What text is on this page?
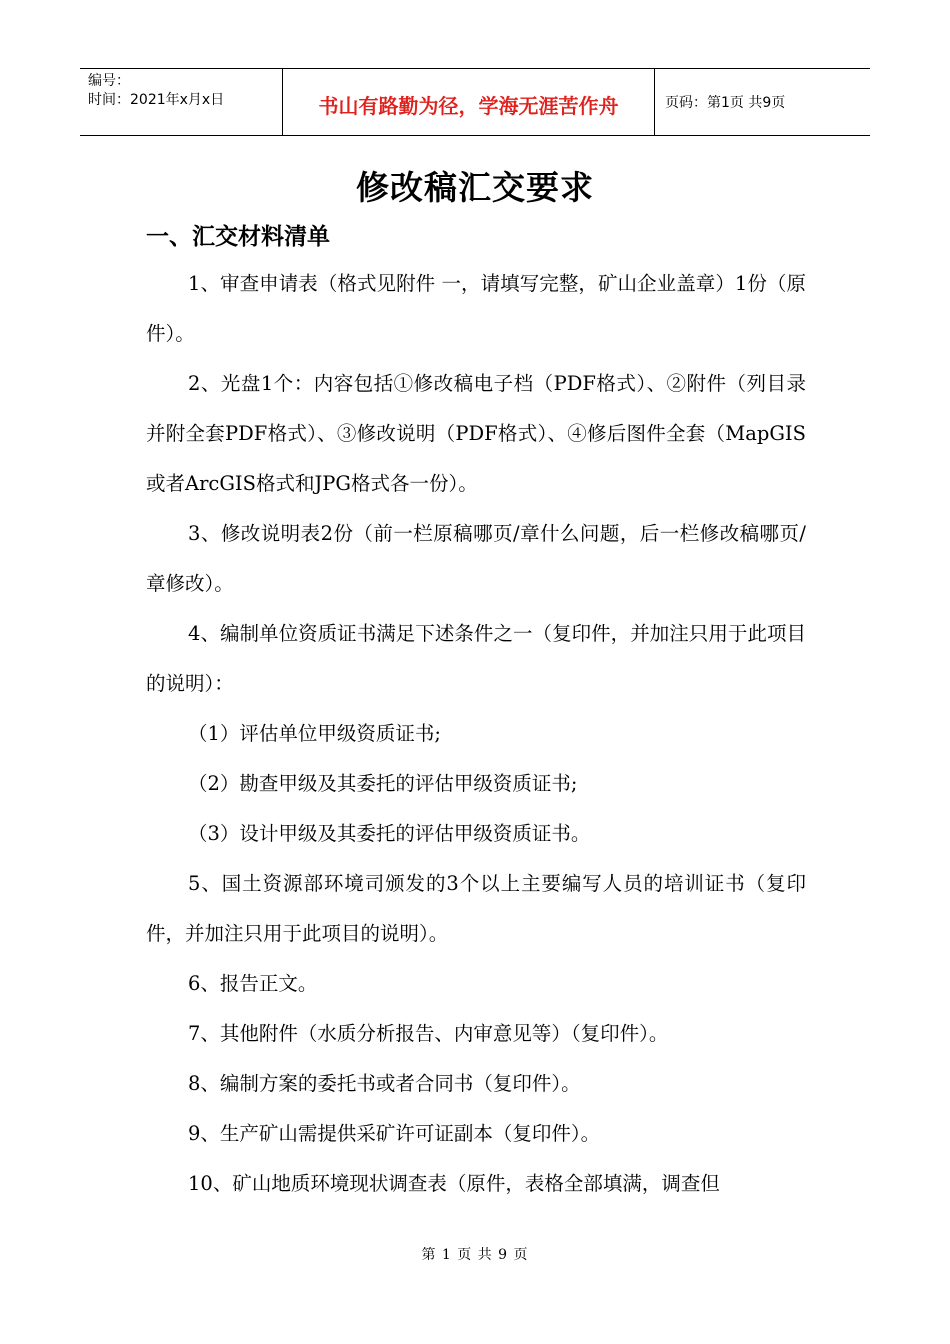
编号：
时间：2021年x月x日	书山有路勤为径，学海无涯苦作舟	页码：第1页 共9页
修改稿汇交要求
一、汇交材料清单

1、审查申请表（格式见附件 一，请填写完整，矿山企业盖章）1份（原件）。

2、光盘1个：内容包括①修改稿电子档（PDF格式）、②附件（列目录并附全套PDF格式）、③修改说明（PDF格式）、④修后图件全套（MapGIS或者ArcGIS格式和JPG格式各一份）。

3、修改说明表2份（前一栏原稿哪页/章什么问题，后一栏修改稿哪页/章修改）。

4、编制单位资质证书满足下述条件之一（复印件，并加注只用于此项目的说明）：

（1）评估单位甲级资质证书;

（2）勘查甲级及其委托的评估甲级资质证书;

（3）设计甲级及其委托的评估甲级资质证书。

5、国土资源部环境司颁发的3个以上主要编写人员的培训证书（复印件，并加注只用于此项目的说明）。

6、报告正文。

7、其他附件（水质分析报告、内审意见等）（复印件）。

8、编制方案的委托书或者合同书（复印件）。

9、生产矿山需提供采矿许可证副本（复印件）。

10、矿山地质环境现状调查表（原件，表格全部填满，调查但

第 1 页 共 9 页
